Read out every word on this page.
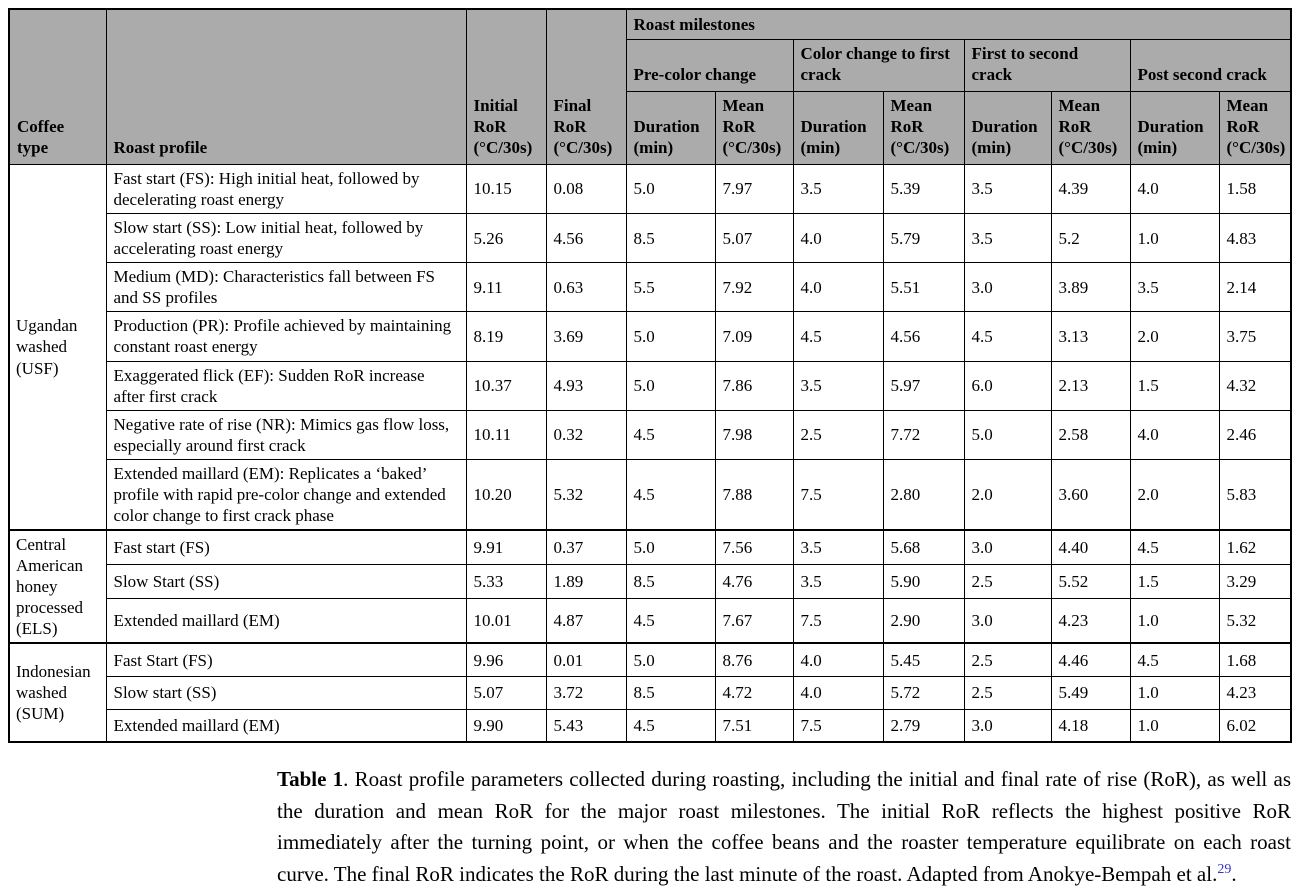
Coffee type	Roast profile	Initial RoR (°C/30s)	Final RoR (°C/30s)	Roast milestones							
				Pre-color change		Color change to first crack		First to second crack		Post second crack	
				Duration (min)	Mean RoR (°C/30s)	Duration (min)	Mean RoR (°C/30s)	Duration (min)	Mean RoR (°C/30s)	Duration (min)	Mean RoR (°C/30s)
Ugandan washed (USF)	Fast start (FS): High initial heat, followed by decelerating roast energy	10.15	0.08	5.0	7.97	3.5	5.39	3.5	4.39	4.0	1.58
	Slow start (SS): Low initial heat, followed by accelerating roast energy	5.26	4.56	8.5	5.07	4.0	5.79	3.5	5.2	1.0	4.83
	Medium (MD): Characteristics fall between FS and SS profiles	9.11	0.63	5.5	7.92	4.0	5.51	3.0	3.89	3.5	2.14
	Production (PR): Profile achieved by maintaining constant roast energy	8.19	3.69	5.0	7.09	4.5	4.56	4.5	3.13	2.0	3.75
	Exaggerated flick (EF): Sudden RoR increase after first crack	10.37	4.93	5.0	7.86	3.5	5.97	6.0	2.13	1.5	4.32
	Negative rate of rise (NR): Mimics gas flow loss, especially around first crack	10.11	0.32	4.5	7.98	2.5	7.72	5.0	2.58	4.0	2.46
	Extended maillard (EM): Replicates a ‘baked’ profile with rapid pre-color change and extended color change to first crack phase	10.20	5.32	4.5	7.88	7.5	2.80	2.0	3.60	2.0	5.83
Central American honey processed (ELS)	Fast start (FS)	9.91	0.37	5.0	7.56	3.5	5.68	3.0	4.40	4.5	1.62
	Slow Start (SS)	5.33	1.89	8.5	4.76	3.5	5.90	2.5	5.52	1.5	3.29
	Extended maillard (EM)	10.01	4.87	4.5	7.67	7.5	2.90	3.0	4.23	1.0	5.32
Indonesian washed (SUM)	Fast Start (FS)	9.96	0.01	5.0	8.76	4.0	5.45	2.5	4.46	4.5	1.68
	Slow start (SS)	5.07	3.72	8.5	4.72	4.0	5.72	2.5	5.49	1.0	4.23
	Extended maillard (EM)	9.90	5.43	4.5	7.51	7.5	2.79	3.0	4.18	1.0	6.02

Table 1. Roast profile parameters collected during roasting, including the initial and final rate of rise (RoR), as well as the duration and mean RoR for the major roast milestones. The initial RoR reflects the highest positive RoR immediately after the turning point, or when the coffee beans and the roaster temperature equilibrate on each roast curve. The final RoR indicates the RoR during the last minute of the roast. Adapted from Anokye-Bempah et al.$^{29}$.
